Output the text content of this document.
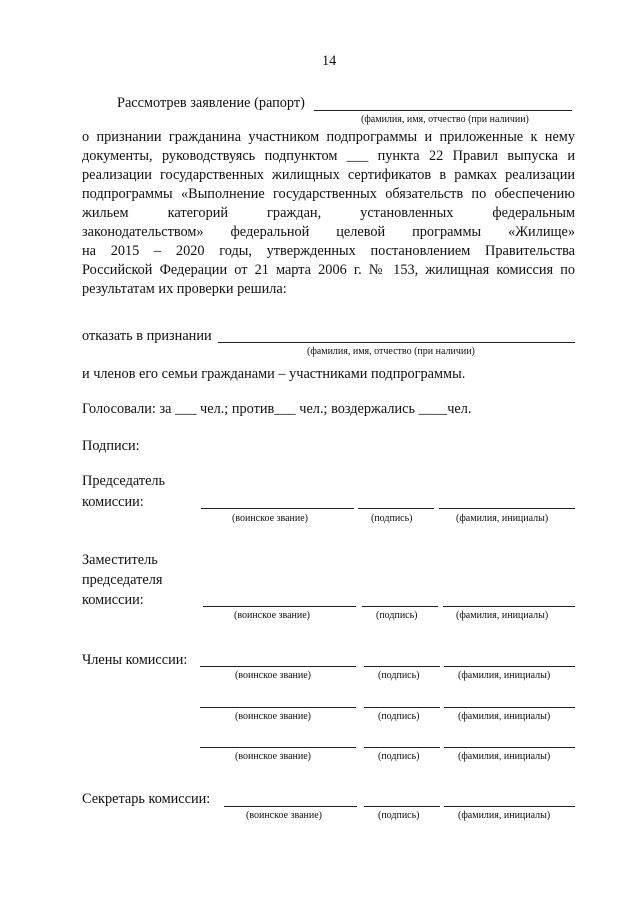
14
Рассмотрев заявление (рапорт)
(фамилия, имя, отчество (при наличии)
о признании гражданина участником подпрограммы и приложенные к нему
документы, руководствуясь подпунктом ___ пункта 22 Правил выпуска и
реализации государственных жилищных сертификатов в рамках реализации
подпрограммы «Выполнение государственных обязательств по обеспечению
жильем категорий граждан, установленных федеральным
законодательством» федеральной целевой программы «Жилище»
на 2015 – 2020 годы, утвержденных постановлением Правительства
Российской Федерации от 21 марта 2006 г. № 153, жилищная комиссия по
результатам их проверки решила:
отказать в признании
(фамилия, имя, отчество (при наличии)
и членов его семьи гражданами – участниками подпрограммы.
Голосовали: за ___ чел.; против___ чел.; воздержались ____чел.
Подписи:
Председатель
комиссии:
(воинское звание)	(подпись)	(фамилия, инициалы)
Заместитель
председателя
комиссии:
(воинское звание)	(подпись)	(фамилия, инициалы)
Члены комиссии:
(воинское звание)	(подпись)	(фамилия, инициалы)
(воинское звание)	(подпись)	(фамилия, инициалы)
(воинское звание)	(подпись)	(фамилия, инициалы)
Секретарь комиссии:
(воинское звание)	(подпись)	(фамилия, инициалы)
